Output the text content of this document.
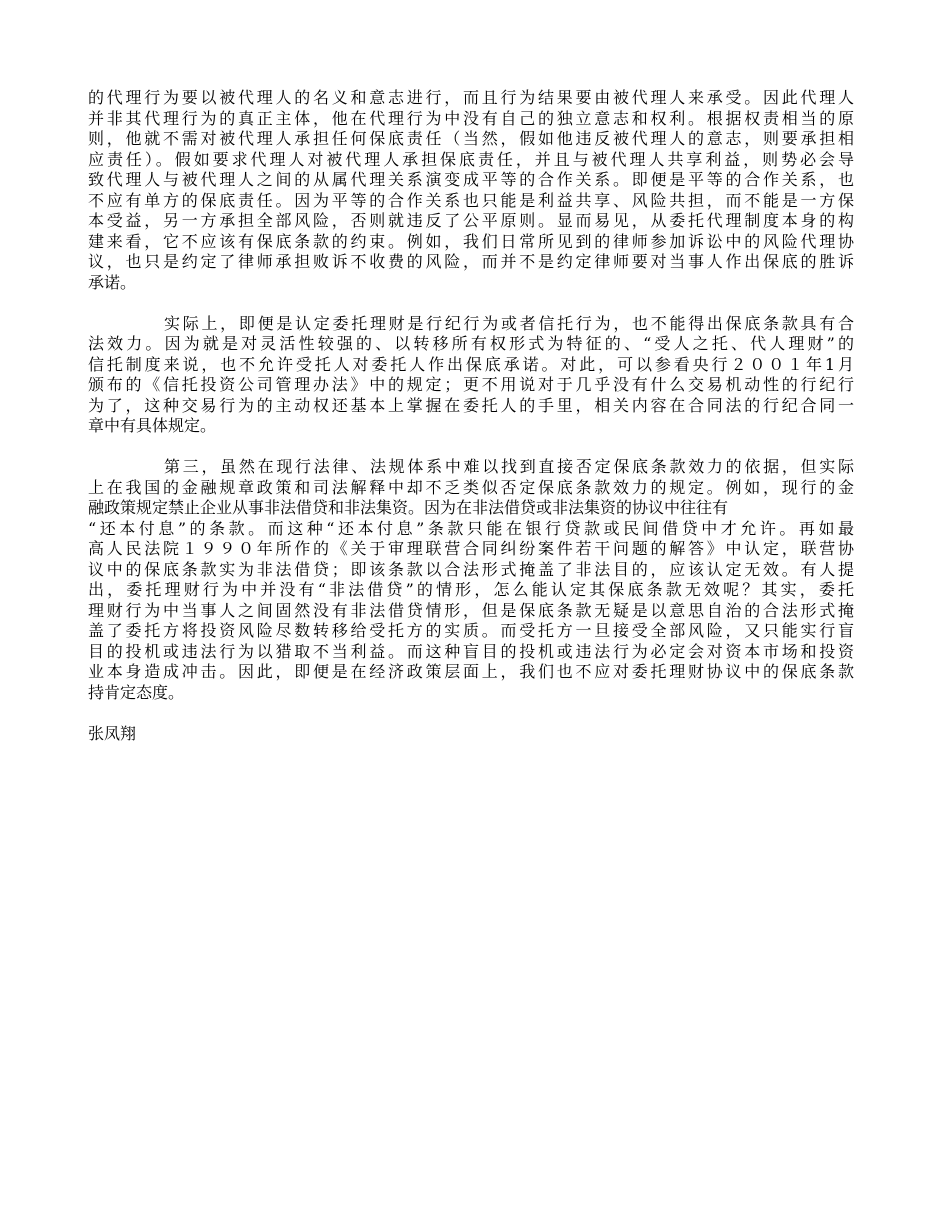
的代理行为要以被代理人的名义和意志进行，而且行为结果要由被代理人来承受。因此代理人
并非其代理行为的真正主体，他在代理行为中没有自己的独立意志和权利。根据权责相当的原
则，他就不需对被代理人承担任何保底责任（当然，假如他违反被代理人的意志，则要承担相
应责任）。假如要求代理人对被代理人承担保底责任，并且与被代理人共享利益，则势必会导
致代理人与被代理人之间的从属代理关系演变成平等的合作关系。即便是平等的合作关系，也
不应有单方的保底责任。因为平等的合作关系也只能是利益共享、风险共担，而不能是一方保
本受益，另一方承担全部风险，否则就违反了公平原则。显而易见，从委托代理制度本身的构
建来看，它不应该有保底条款的约束。例如，我们日常所见到的律师参加诉讼中的风险代理协
议，也只是约定了律师承担败诉不收费的风险，而并不是约定律师要对当事人作出保底的胜诉
承诺。
实际上，即便是认定委托理财是行纪行为或者信托行为，也不能得出保底条款具有合
法效力。因为就是对灵活性较强的、以转移所有权形式为特征的、“受人之托、代人理财”的
信托制度来说，也不允许受托人对委托人作出保底承诺。对此，可以参看央行２００１年1月
颁布的《信托投资公司管理办法》中的规定；更不用说对于几乎没有什么交易机动性的行纪行
为了，这种交易行为的主动权还基本上掌握在委托人的手里，相关内容在合同法的行纪合同一
章中有具体规定。
第三，虽然在现行法律、法规体系中难以找到直接否定保底条款效力的依据，但实际
上在我国的金融规章政策和司法解释中却不乏类似否定保底条款效力的规定。例如，现行的金
融政策规定禁止企业从事非法借贷和非法集资。因为在非法借贷或非法集资的协议中往往有
“还本付息”的条款。而这种“还本付息”条款只能在银行贷款或民间借贷中才允许。再如最
高人民法院１９９０年所作的《关于审理联营合同纠纷案件若干问题的解答》中认定，联营协
议中的保底条款实为非法借贷；即该条款以合法形式掩盖了非法目的，应该认定无效。有人提
出，委托理财行为中并没有“非法借贷”的情形，怎么能认定其保底条款无效呢？其实，委托
理财行为中当事人之间固然没有非法借贷情形，但是保底条款无疑是以意思自治的合法形式掩
盖了委托方将投资风险尽数转移给受托方的实质。而受托方一旦接受全部风险，又只能实行盲
目的投机或违法行为以猎取不当利益。而这种盲目的投机或违法行为必定会对资本市场和投资
业本身造成冲击。因此，即便是在经济政策层面上，我们也不应对委托理财协议中的保底条款
持肯定态度。
张凤翔
